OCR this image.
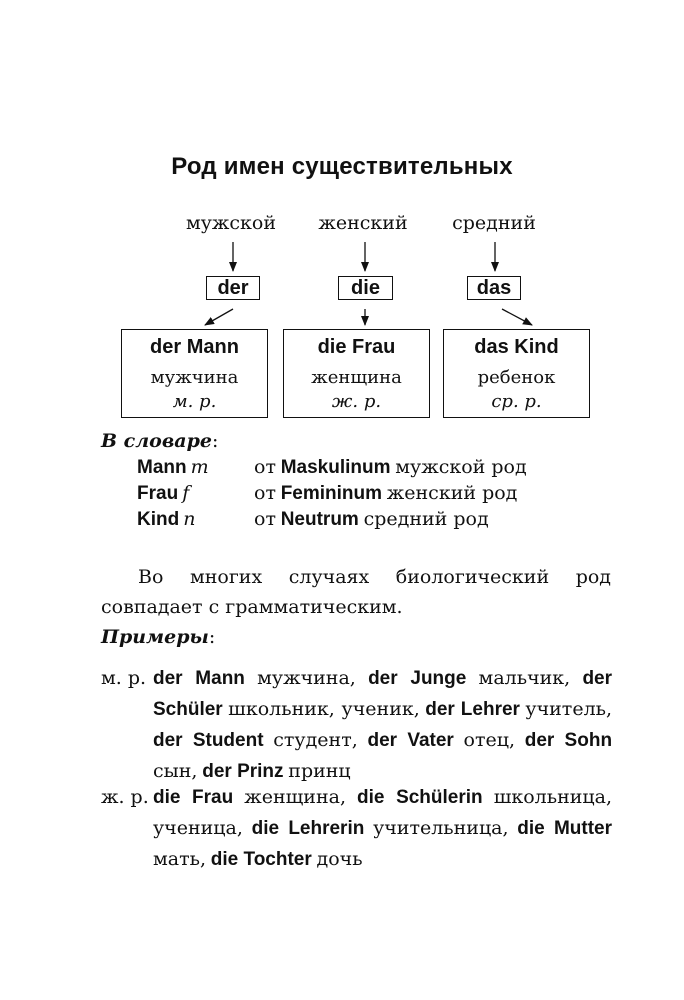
Род имен существительных
мужской	женский	средний
der	die	das
der Mann
мужчина
м. р.
die Frau
женщина
ж. р.
das Kind
ребенок
ср. р.
В словаре:
Mann m от Maskulinum мужской род
Frau f	от Femininum женский род
Kind n	от Neutrum средний род
Во многих случаях биологический род совпадает с грамматическим.
Примеры:
м. р. der Mann мужчина, der Junge мальчик, der Schüler школьник, ученик, der Lehrer учитель, der Student студент, der Vater отец, der Sohn сын, der Prinz принц
ж. р. die Frau женщина, die Schülerin школьница, ученица, die Lehrerin учительница, die Mutter мать, die Tochter дочь
